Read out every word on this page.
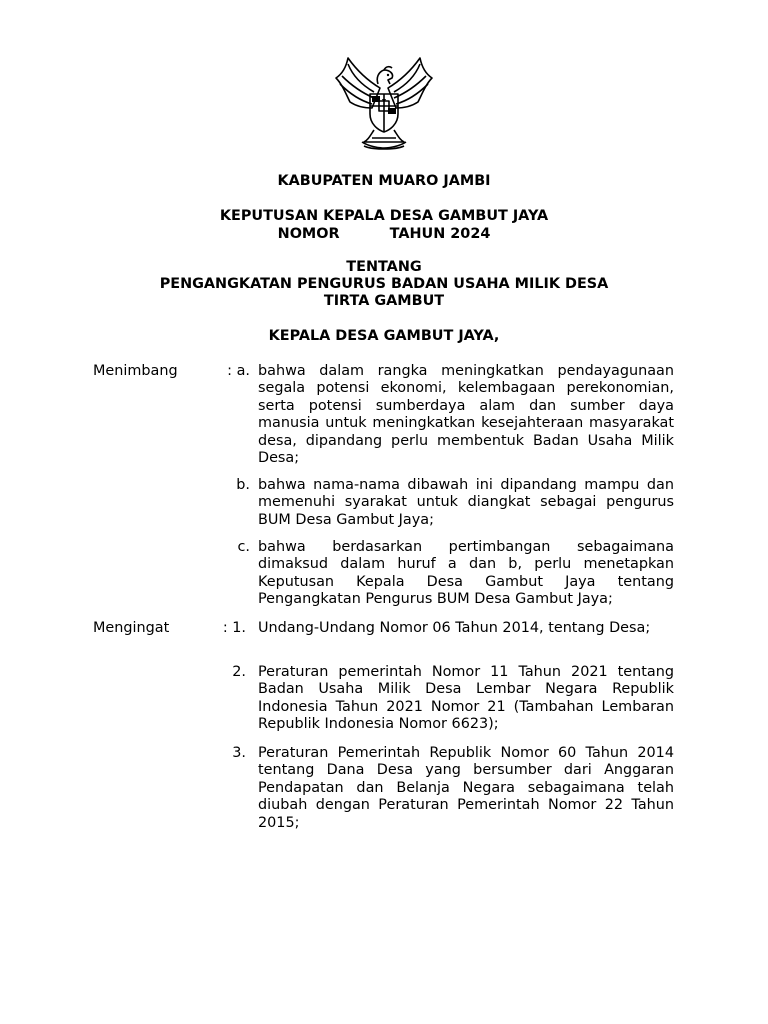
KABUPATEN MUARO JAMBI
KEPUTUSAN KEPALA DESA GAMBUT JAYA
NOMOR          TAHUN 2024
TENTANG
PENGANGKATAN PENGURUS BADAN USAHA MILIK DESA
TIRTA GAMBUT
KEPALA DESA GAMBUT JAYA,
Menimbang	: a. bahwa dalam rangka meningkatkan pendayagunaan segala potensi ekonomi, kelembagaan perekonomian, serta potensi sumberdaya alam dan sumber daya manusia untuk meningkatkan kesejahteraan masyarakat desa, dipandang perlu membentuk Badan Usaha Milik Desa;
b. bahwa nama-nama dibawah ini dipandang mampu dan memenuhi syarakat untuk diangkat sebagai pengurus BUM Desa Gambut Jaya;
c. bahwa berdasarkan pertimbangan sebagaimana dimaksud dalam huruf a dan b, perlu menetapkan Keputusan Kepala Desa Gambut Jaya tentang Pengangkatan Pengurus BUM Desa Gambut Jaya;
Mengingat	: 1. Undang-Undang Nomor 06 Tahun 2014, tentang Desa;
2. Peraturan pemerintah Nomor 11 Tahun 2021 tentang Badan Usaha Milik Desa Lembar Negara Republik Indonesia Tahun 2021 Nomor 21 (Tambahan Lembaran Republik Indonesia Nomor 6623);
3. Peraturan Pemerintah Republik Nomor 60 Tahun 2014 tentang Dana Desa yang bersumber dari Anggaran Pendapatan dan Belanja Negara sebagaimana telah diubah dengan Peraturan Pemerintah Nomor 22 Tahun 2015;
